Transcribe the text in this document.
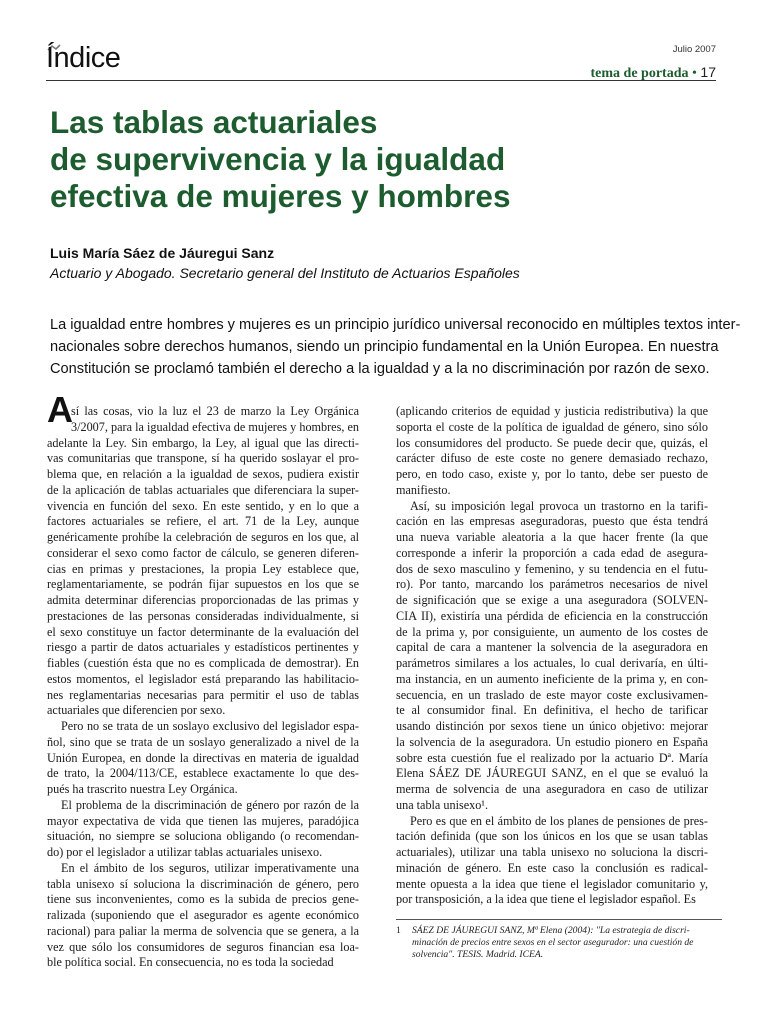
Índice	Julio 2007
tema de portada • 17
Las tablas actuariales
de supervivencia y la igualdad
efectiva de mujeres y hombres
Luis María Sáez de Jáuregui Sanz
Actuario y Abogado. Secretario general del Instituto de Actuarios Españoles
La igualdad entre hombres y mujeres es un principio jurídico universal reconocido en múltiples textos inter-
nacionales sobre derechos humanos, siendo un principio fundamental en la Unión Europea. En nuestra
Constitución se proclamó también el derecho a la igualdad y a la no discriminación por razón de sexo.
A
sí las cosas, vio la luz el 23 de marzo la Ley Orgánica
3/2007, para la igualdad efectiva de mujeres y hombres, en
adelante la Ley. Sin embargo, la Ley, al igual que las directi-
vas comunitarias que transpone, sí ha querido soslayar el pro-
blema que, en relación a la igualdad de sexos, pudiera existir
de la aplicación de tablas actuariales que diferenciara la super-
vivencia en función del sexo. En este sentido, y en lo que a
factores actuariales se refiere, el art. 71 de la Ley, aunque
genéricamente prohíbe la celebración de seguros en los que, al
considerar el sexo como factor de cálculo, se generen diferen-
cias en primas y prestaciones, la propia Ley establece que,
reglamentariamente, se podrán fijar supuestos en los que se
admita determinar diferencias proporcionadas de las primas y
prestaciones de las personas consideradas individualmente, si
el sexo constituye un factor determinante de la evaluación del
riesgo a partir de datos actuariales y estadísticos pertinentes y
fiables (cuestión ésta que no es complicada de demostrar). En
estos momentos, el legislador está preparando las habilitacio-
nes reglamentarias necesarias para permitir el uso de tablas
actuariales que diferencien por sexo.
Pero no se trata de un soslayo exclusivo del legislador espa-
ñol, sino que se trata de un soslayo generalizado a nivel de la
Unión Europea, en donde la directivas en materia de igualdad
de trato, la 2004/113/CE, establece exactamente lo que des-
pués ha trascrito nuestra Ley Orgánica.
El problema de la discriminación de género por razón de la
mayor expectativa de vida que tienen las mujeres, paradójica
situación, no siempre se soluciona obligando (o recomendan-
do) por el legislador a utilizar tablas actuariales unisexo.
En el ámbito de los seguros, utilizar imperativamente una
tabla unisexo sí soluciona la discriminación de género, pero
tiene sus inconvenientes, como es la subida de precios gene-
ralizada (suponiendo que el asegurador es agente económico
racional) para paliar la merma de solvencia que se genera, a la
vez que sólo los consumidores de seguros financian esa loa-
ble política social. En consecuencia, no es toda la sociedad
(aplicando criterios de equidad y justicia redistributiva) la que
soporta el coste de la política de igualdad de género, sino sólo
los consumidores del producto. Se puede decir que, quizás, el
carácter difuso de este coste no genere demasiado rechazo,
pero, en todo caso, existe y, por lo tanto, debe ser puesto de
manifiesto.
Así, su imposición legal provoca un trastorno en la tarifi-
cación en las empresas aseguradoras, puesto que ésta tendrá
una nueva variable aleatoria a la que hacer frente (la que
corresponde a inferir la proporción a cada edad de asegura-
dos de sexo masculino y femenino, y su tendencia en el futu-
ro). Por tanto, marcando los parámetros necesarios de nivel
de significación que se exige a una aseguradora (SOLVEN-
CIA II), existiría una pérdida de eficiencia en la construcción
de la prima y, por consiguiente, un aumento de los costes de
capital de cara a mantener la solvencia de la aseguradora en
parámetros similares a los actuales, lo cual derivaría, en últi-
ma instancia, en un aumento ineficiente de la prima y, en con-
secuencia, en un traslado de este mayor coste exclusivamen-
te al consumidor final. En definitiva, el hecho de tarificar
usando distinción por sexos tiene un único objetivo: mejorar
la solvencia de la aseguradora. Un estudio pionero en España
sobre esta cuestión fue el realizado por la actuario Dª. María
Elena SÁEZ DE JÁUREGUI SANZ, en el que se evaluó la
merma de solvencia de una aseguradora en caso de utilizar
una tabla unisexo¹.
Pero es que en el ámbito de los planes de pensiones de pres-
tación definida (que son los únicos en los que se usan tablas
actuariales), utilizar una tabla unisexo no soluciona la discri-
minación de género. En este caso la conclusión es radical-
mente opuesta a la idea que tiene el legislador comunitario y,
por transposición, a la idea que tiene el legislador español. Es
1	SÁEZ DE JÁUREGUI SANZ, Mª Elena (2004): "La estrategia de discri-
minación de precios entre sexos en el sector asegurador: una cuestión de
solvencia". TESIS. Madrid. ICEA.
